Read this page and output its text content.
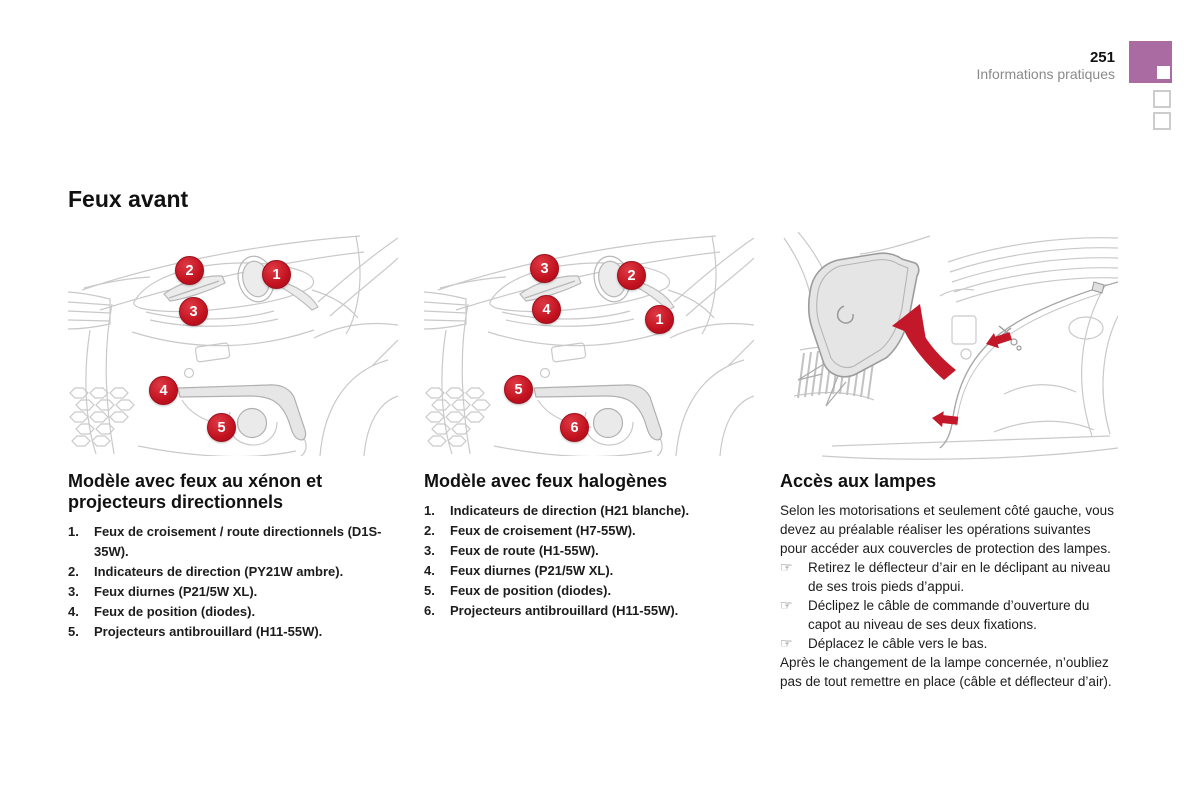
251
Informations pratiques
Feux avant
2	1
3
4
5
Modèle avec feux au xénon et projecteurs directionnels
1.	Feux de croisement / route directionnels (D1S-35W).
2.	Indicateurs de direction (PY21W ambre).
3.	Feux diurnes (P21/5W XL).
4.	Feux de position (diodes).
5.	Projecteurs antibrouillard (H11-55W).
3	2
4
1
5
6
Modèle avec feux halogènes
1.	Indicateurs de direction (H21 blanche).
2.	Feux de croisement (H7-55W).
3.	Feux de route (H1-55W).
4.	Feux diurnes (P21/5W XL).
5.	Feux de position (diodes).
6.	Projecteurs antibrouillard (H11-55W).
Accès aux lampes

Selon les motorisations et seulement côté gauche, vous devez au préalable réaliser les opérations suivantes pour accéder aux couvercles de protection des lampes.

☞	Retirez le déflecteur d’air en le déclipant au niveau de ses trois pieds d’appui.
☞	Déclipez le câble de commande d’ouverture du capot au niveau de ses deux fixations.
☞	Déplacez le câble vers le bas.

Après le changement de la lampe concernée, n’oubliez pas de tout remettre en place (câble et déflecteur d’air).
